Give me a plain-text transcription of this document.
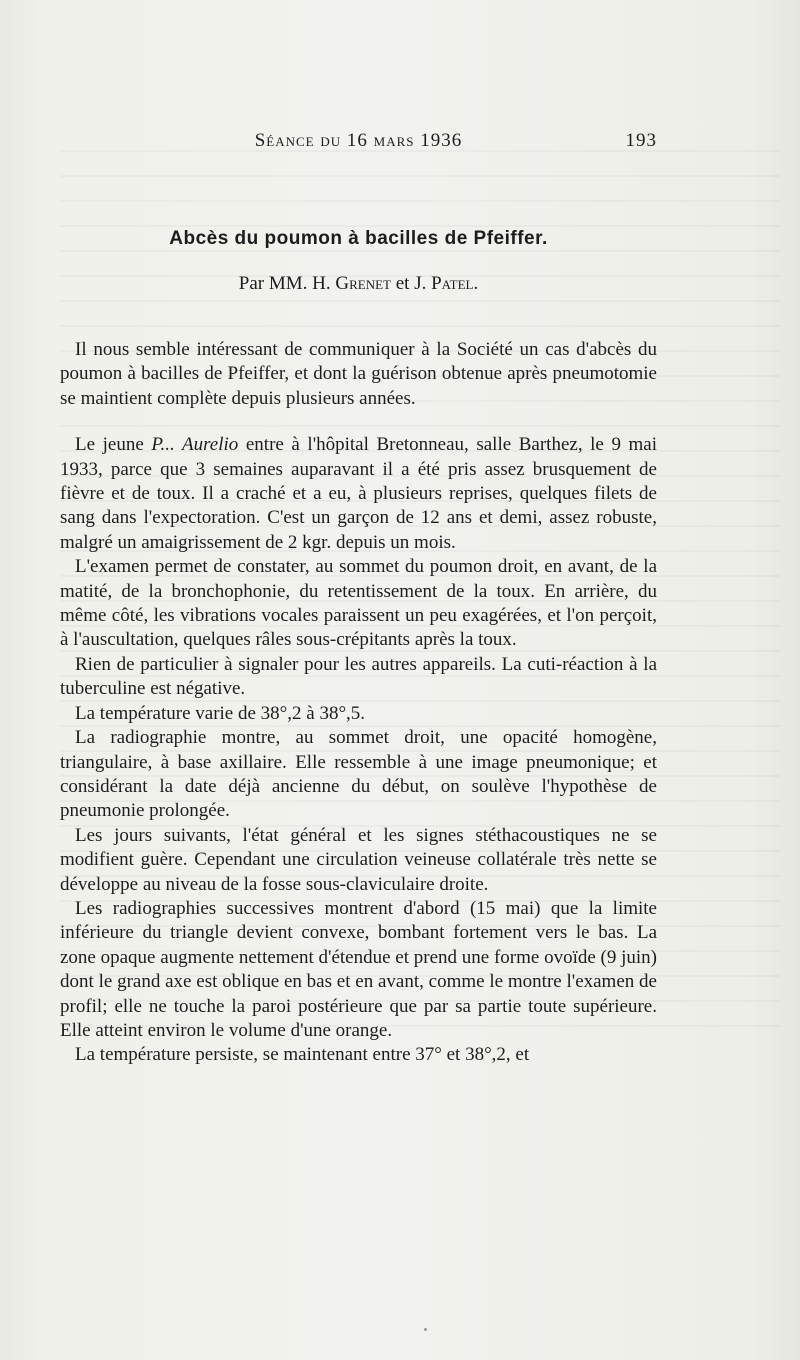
Séance du 16 mars 1936	193
Abcès du poumon à bacilles de Pfeiffer.
Par MM. H. Grenet et J. Patel.

Il nous semble intéressant de communiquer à la Société un cas d'abcès du poumon à bacilles de Pfeiffer, et dont la guérison obtenue après pneumotomie se maintient complète depuis plusieurs années.

Le jeune P... Aurelio entre à l'hôpital Bretonneau, salle Barthez, le 9 mai 1933, parce que 3 semaines auparavant il a été pris assez brusquement de fièvre et de toux. Il a craché et a eu, à plusieurs reprises, quelques filets de sang dans l'expectoration. C'est un garçon de 12 ans et demi, assez robuste, malgré un amaigrissement de 2 kgr. depuis un mois.

L'examen permet de constater, au sommet du poumon droit, en avant, de la matité, de la bronchophonie, du retentissement de la toux. En arrière, du même côté, les vibrations vocales paraissent un peu exagérées, et l'on perçoit, à l'auscultation, quelques râles sous-crépitants après la toux.

Rien de particulier à signaler pour les autres appareils. La cuti-réaction à la tuberculine est négative.

La température varie de 38°,2 à 38°,5.

La radiographie montre, au sommet droit, une opacité homogène, triangulaire, à base axillaire. Elle ressemble à une image pneumonique; et considérant la date déjà ancienne du début, on soulève l'hypothèse de pneumonie prolongée.

Les jours suivants, l'état général et les signes stéthacoustiques ne se modifient guère. Cependant une circulation veineuse collatérale très nette se développe au niveau de la fosse sous-claviculaire droite.

Les radiographies successives montrent d'abord (15 mai) que la limite inférieure du triangle devient convexe, bombant fortement vers le bas. La zone opaque augmente nettement d'étendue et prend une forme ovoïde (9 juin) dont le grand axe est oblique en bas et en avant, comme le montre l'examen de profil; elle ne touche la paroi postérieure que par sa partie toute supérieure. Elle atteint environ le volume d'une orange.

La température persiste, se maintenant entre 37° et 38°,2, et
